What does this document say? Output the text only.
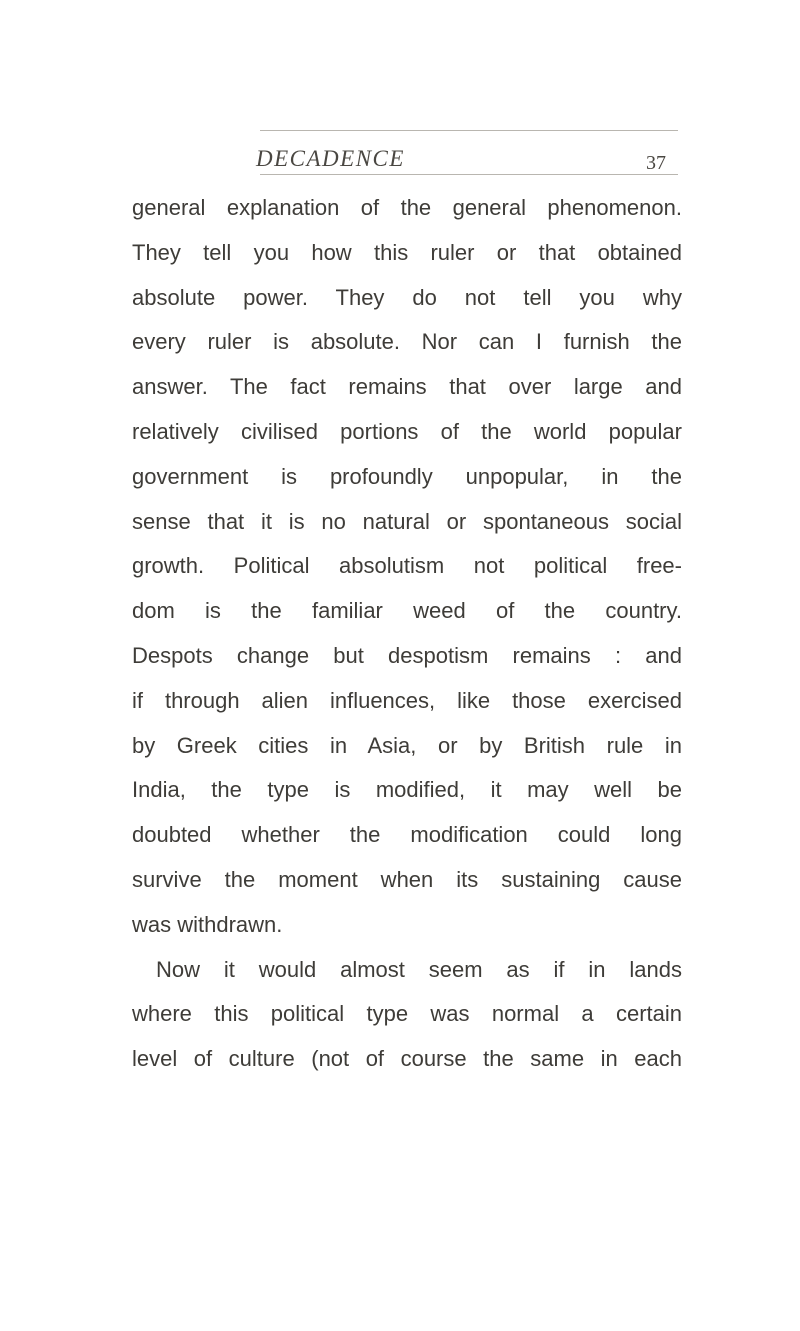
DECADENCE	37
general explanation of the general phenomenon.
They tell you how this ruler or that obtained
absolute power. They do not tell you why
every ruler is absolute. Nor can I furnish the
answer. The fact remains that over large and
relatively civilised portions of the world popular
government is profoundly unpopular, in the
sense that it is no natural or spontaneous social
growth. Political absolutism not political free-
dom is the familiar weed of the country.
Despots change but despotism remains : and
if through alien influences, like those exercised
by Greek cities in Asia, or by British rule in
India, the type is modified, it may well be
doubted whether the modification could long
survive the moment when its sustaining cause
was withdrawn.
Now it would almost seem as if in lands
where this political type was normal a certain
level of culture (not of course the same in each
